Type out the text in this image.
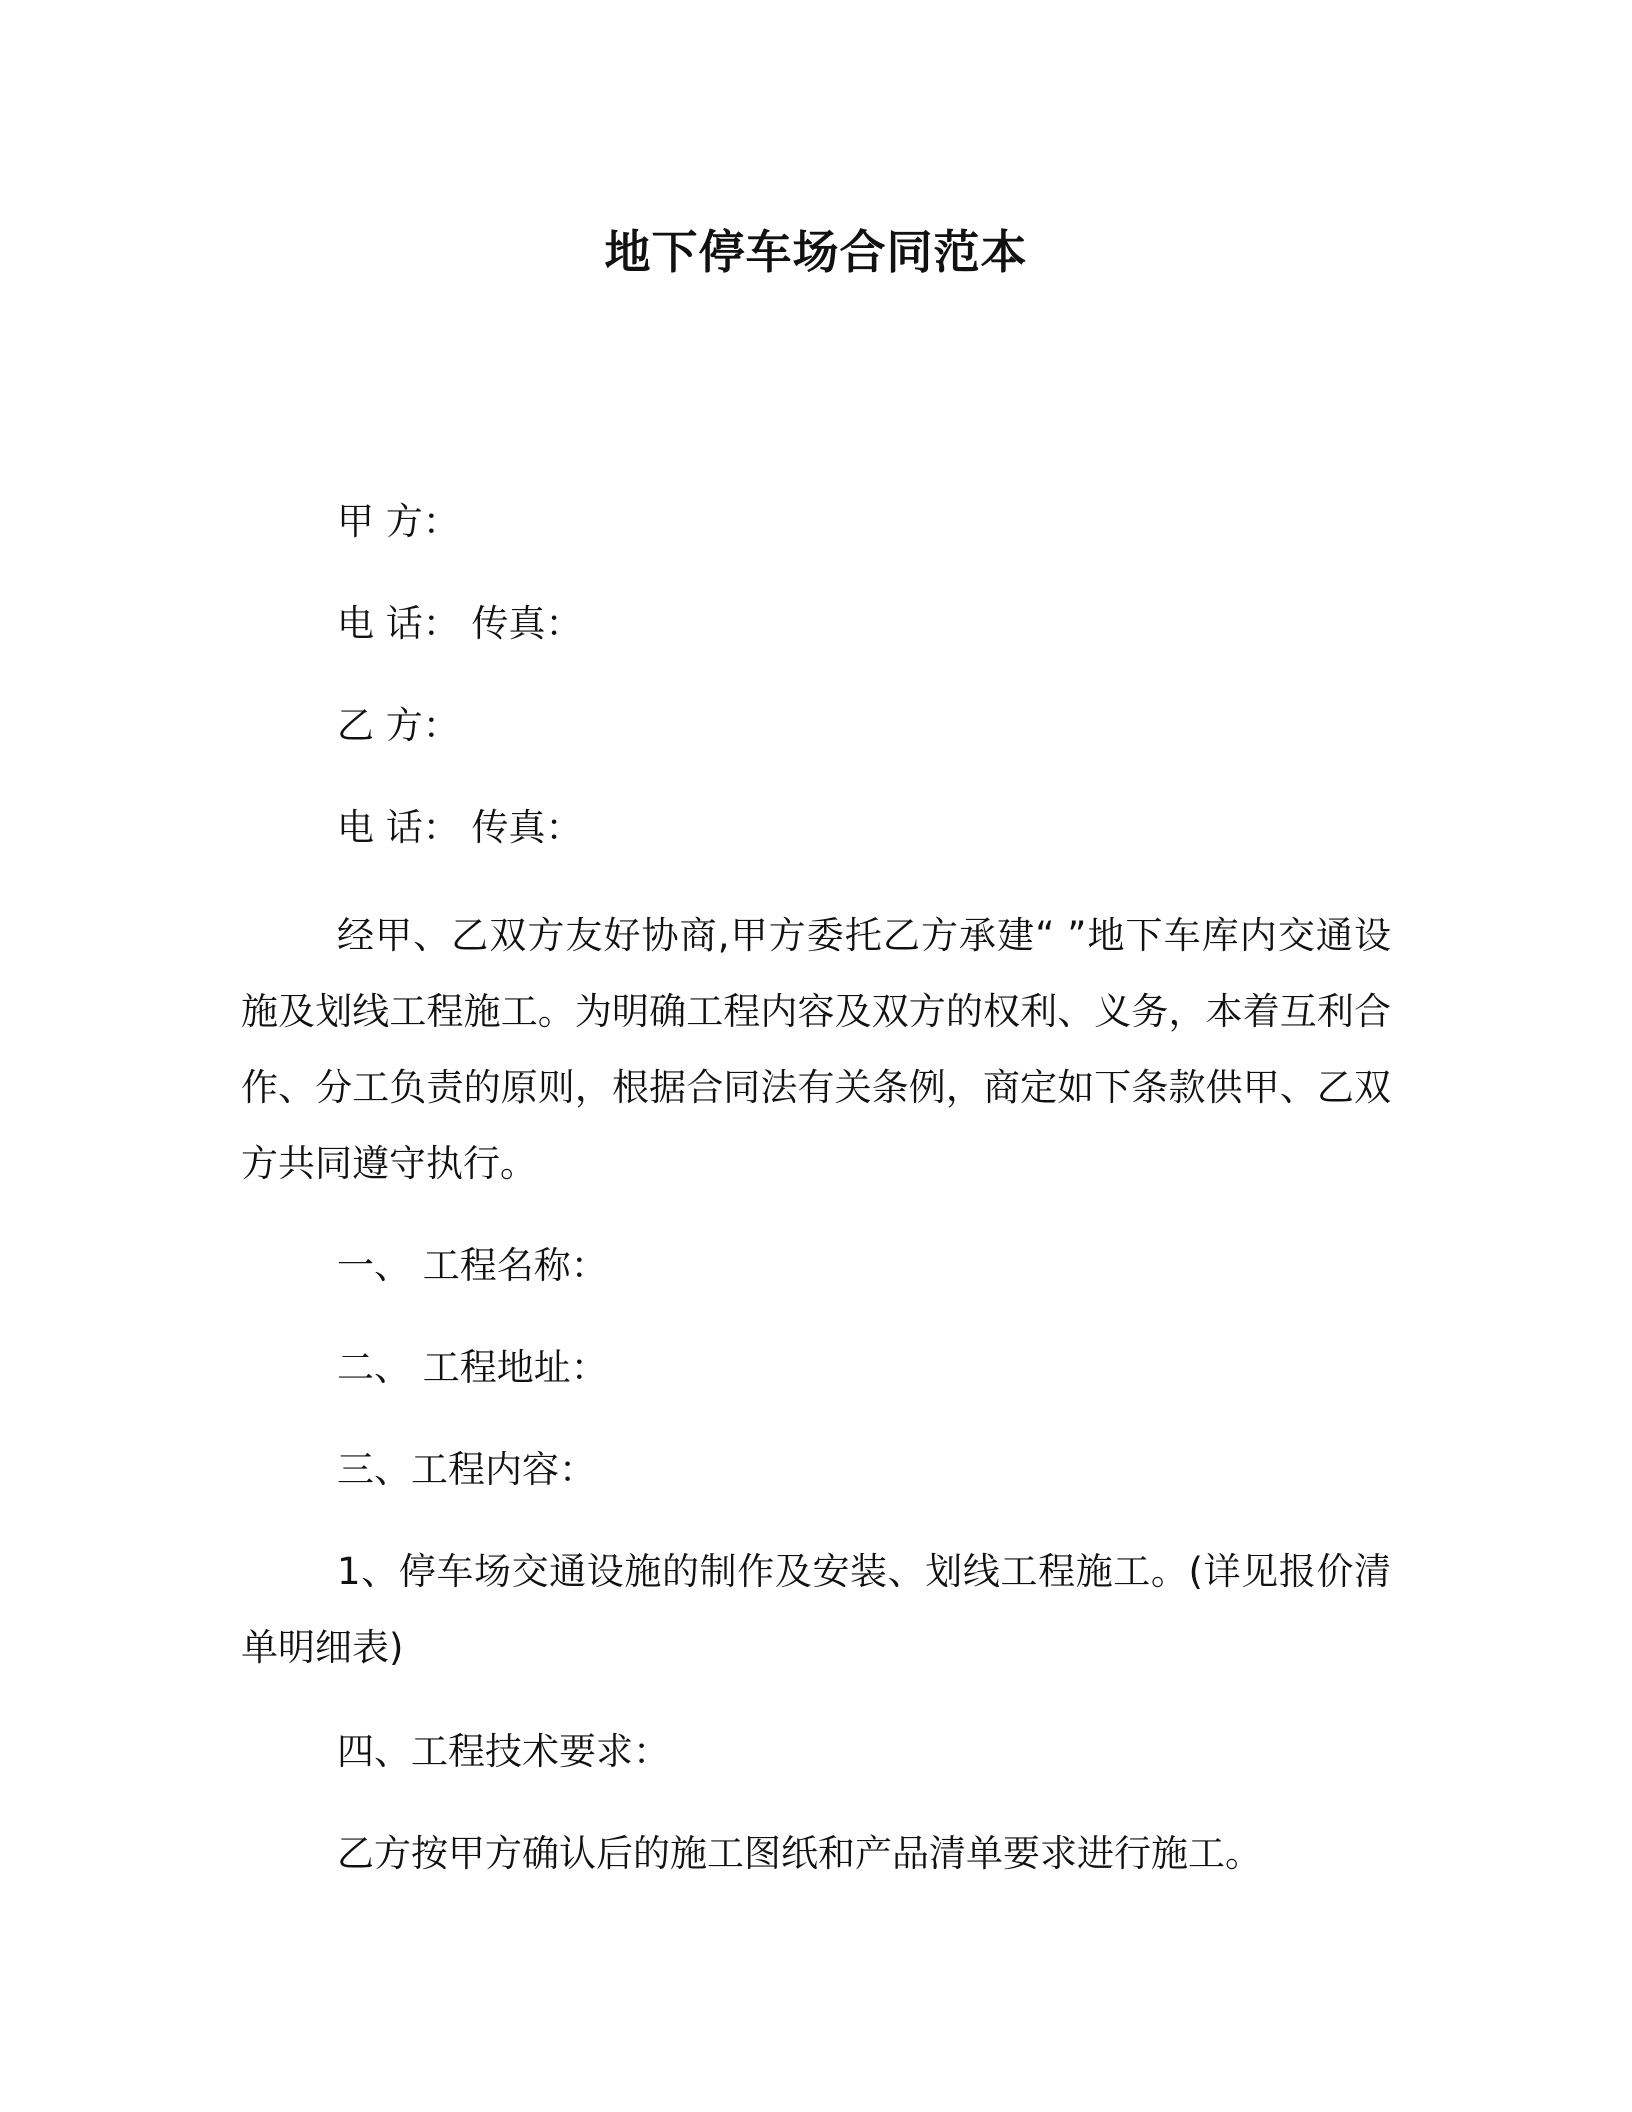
地下停车场合同范本
甲 方：
电 话： 传真：
乙 方：
电 话： 传真：
经甲、乙双方友好协商,甲方委托乙方承建“ ”地下车库内交通设施及划线工程施工。为明确工程内容及双方的权利、义务，本着互利合作、分工负责的原则，根据合同法有关条例，商定如下条款供甲、乙双方共同遵守执行。
一、 工程名称：
二、 工程地址：
三、工程内容：
1、停车场交通设施的制作及安装、划线工程施工。(详见报价清单明细表)
四、工程技术要求：
乙方按甲方确认后的施工图纸和产品清单要求进行施工。
